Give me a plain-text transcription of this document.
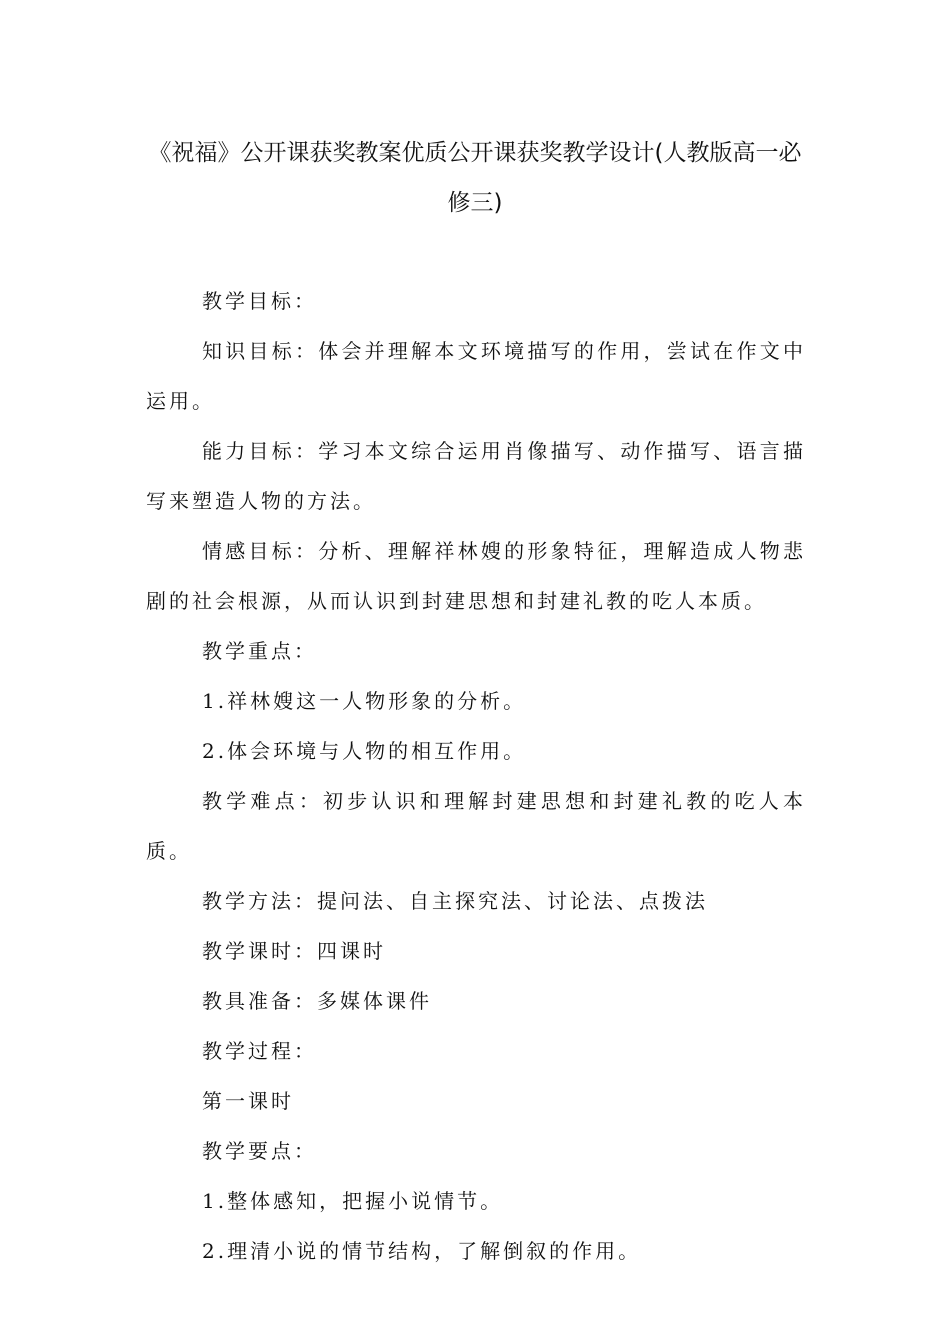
《祝福》公开课获奖教案优质公开课获奖教学设计(人教版高一必修三)

教学目标：

知识目标：体会并理解本文环境描写的作用，尝试在作文中运用。

能力目标：学习本文综合运用肖像描写、动作描写、语言描写来塑造人物的方法。

情感目标：分析、理解祥林嫂的形象特征，理解造成人物悲剧的社会根源，从而认识到封建思想和封建礼教的吃人本质。

教学重点：

1.祥林嫂这一人物形象的分析。

2.体会环境与人物的相互作用。

教学难点：初步认识和理解封建思想和封建礼教的吃人本质。

教学方法：提问法、自主探究法、讨论法、点拨法

教学课时：四课时

教具准备：多媒体课件

教学过程：

第一课时

教学要点：

1.整体感知，把握小说情节。

2.理清小说的情节结构，了解倒叙的作用。
